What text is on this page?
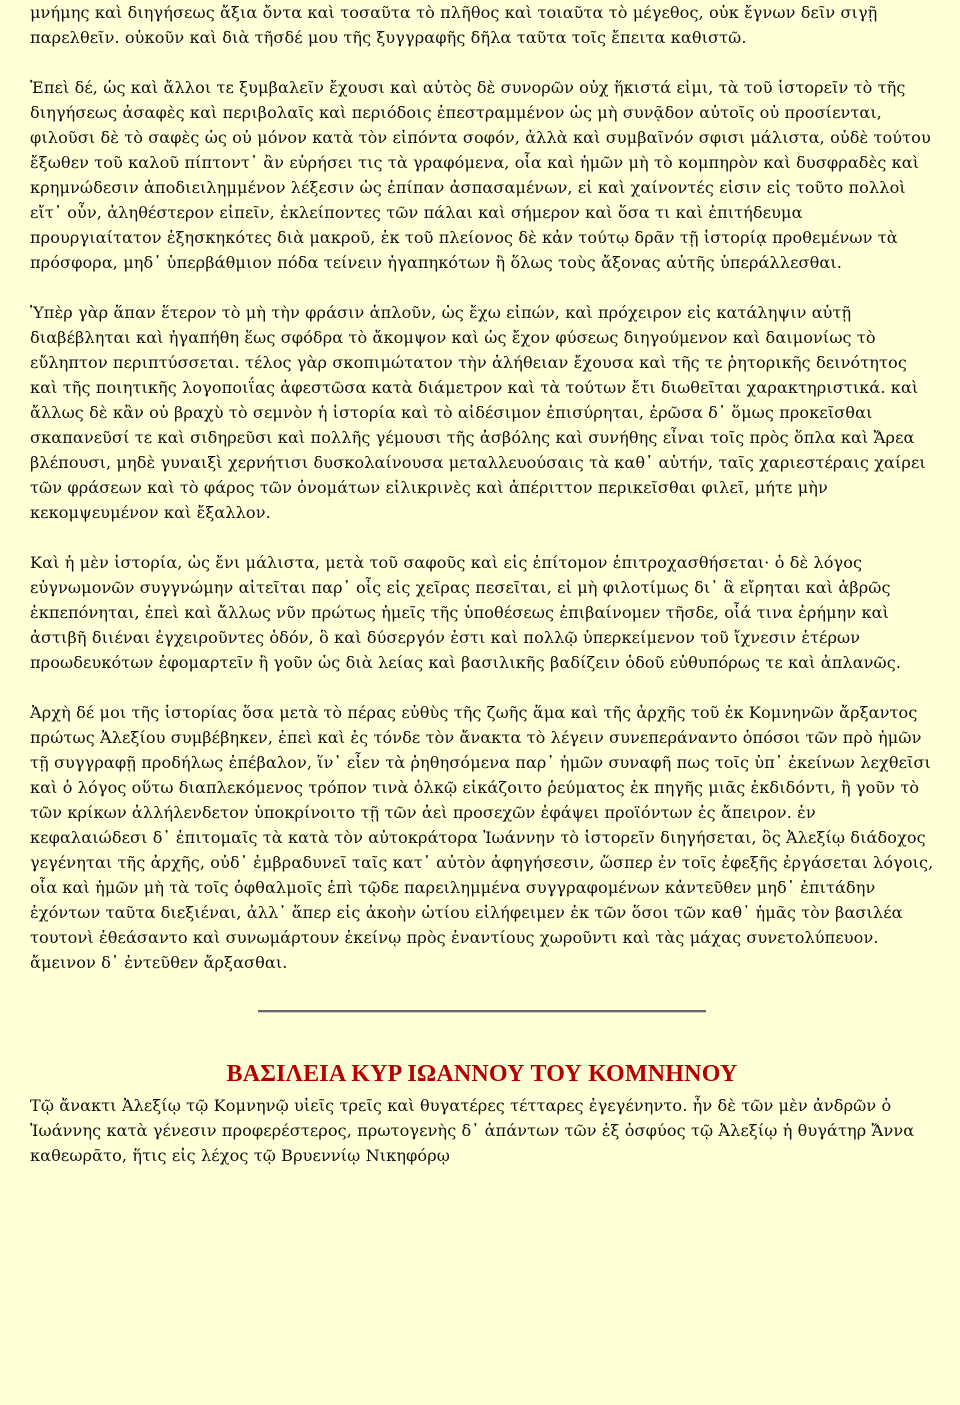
μνήμης καὶ διηγήσεως ἄξια ὄντα καὶ τοσαῦτα τὸ πλῆθος καὶ τοιαῦτα τὸ μέγεθος, οὐκ ἔγνων δεῖν σιγῇ παρελθεῖν. οὐκοῦν καὶ διὰ τῆσδέ μου τῆς ξυγγραφῆς δῆλα ταῦτα τοῖς ἔπειτα καθιστῶ.

Ἐπεὶ δέ, ὡς καὶ ἄλλοι τε ξυμβαλεῖν ἔχουσι καὶ αὐτὸς δὲ συνορῶν οὐχ ἥκιστά εἰμι, τὰ τοῦ ἱστορεῖν τὸ τῆς διηγήσεως ἀσαφὲς καὶ περιβολαῖς καὶ περιόδοις ἐπεστραμμένον ὡς μὴ συνᾷδον αὐτοῖς οὐ προσίενται, φιλοῦσι δὲ τὸ σαφὲς ὡς οὐ μόνον κατὰ τὸν εἰπόντα σοφόν, ἀλλὰ καὶ συμβαῖνόν σφισι μάλιστα, οὐδὲ τούτου ἔξωθεν τοῦ καλοῦ πίπτοντ᾽ ἂν εὑρήσει τις τὰ γραφόμενα, οἷα καὶ ἡμῶν μὴ τὸ κομπηρὸν καὶ δυσφραδὲς καὶ κρημνώδεσιν ἀποδιειλημμένον λέξεσιν ὡς ἐπίπαν ἀσπασαμένων, εἰ καὶ χαίνοντές εἰσιν εἰς τοῦτο πολλοὶ εἴτ᾽ οὖν, ἀληθέστερον εἰπεῖν, ἐκλείποντες τῶν πάλαι καὶ σήμερον καὶ ὅσα τι καὶ ἐπιτήδευμα προυργιαίτατον ἐξησκηκότες διὰ μακροῦ, ἐκ τοῦ πλείονος δὲ κἀν τούτῳ δρᾶν τῇ ἱστορίᾳ προθεμένων τὰ πρόσφορα, μηδ᾽ ὑπερβάθμιον πόδα τείνειν ἠγαπηκότων ἢ ὅλως τοὺς ἄξονας αὐτῆς ὑπεράλλεσθαι.

Ὑπὲρ γὰρ ἅπαν ἕτερον τὸ μὴ τὴν φράσιν ἁπλοῦν, ὡς ἔχω εἰπών, καὶ πρόχειρον εἰς κατάληψιν αὐτῇ διαβέβληται καὶ ἠγαπήθη ἕως σφόδρα τὸ ἄκομψον καὶ ὡς ἔχον φύσεως διηγούμενον καὶ δαιμονίως τὸ εὔληπτον περιπτύσσεται. τέλος γὰρ σκοπιμώτατον τὴν ἀλήθειαν ἔχουσα καὶ τῆς τε ῥητορικῆς δεινότητος καὶ τῆς ποιητικῆς λογοποιΐας ἀφεστῶσα κατὰ διάμετρον καὶ τὰ τούτων ἔτι διωθεῖται χαρακτηριστικά. καὶ ἄλλως δὲ κἂν οὐ βραχὺ τὸ σεμνὸν ἡ ἱστορία καὶ τὸ αἰδέσιμον ἐπισύρηται, ἐρῶσα δ᾽ ὅμως προκεῖσθαι σκαπανεῦσί τε καὶ σιδηρεῦσι καὶ πολλῆς γέμουσι τῆς ἀσβόλης καὶ συνήθης εἶναι τοῖς πρὸς ὅπλα καὶ Ἄρεα βλέπουσι, μηδὲ γυναιξὶ χερνήτισι δυσκολαίνουσα μεταλλευούσαις τὰ καθ᾽ αὑτήν, ταῖς χαριεστέραις χαίρει τῶν φράσεων καὶ τὸ φάρος τῶν ὀνομάτων εἰλικρινὲς καὶ ἀπέριττον περικεῖσθαι φιλεῖ, μήτε μὴν κεκομψευμένον καὶ ἔξαλλον.

Καὶ ἡ μὲν ἱστορία, ὡς ἔνι μάλιστα, μετὰ τοῦ σαφοῦς καὶ εἰς ἐπίτομον ἐπιτροχασθήσεται· ὁ δὲ λόγος εὐγνωμονῶν συγγνώμην αἰτεῖται παρ᾽ οἷς εἰς χεῖρας πεσεῖται, εἰ μὴ φιλοτίμως δι᾽ ἃ εἴρηται καὶ ἁβρῶς ἐκπεπόνηται, ἐπεὶ καὶ ἄλλως νῦν πρώτως ἡμεῖς τῆς ὑποθέσεως ἐπιβαίνομεν τῆσδε, οἷά τινα ἐρήμην καὶ ἀστιβῆ διιέναι ἐγχειροῦντες ὁδόν, ὃ καὶ δύσεργόν ἐστι καὶ πολλῷ ὑπερκείμενον τοῦ ἴχνεσιν ἑτέρων προωδευκότων ἐφομαρτεῖν ἢ γοῦν ὡς διὰ λείας καὶ βασιλικῆς βαδίζειν ὁδοῦ εὐθυπόρως τε καὶ ἀπλανῶς.

Ἀρχὴ δέ μοι τῆς ἱστορίας ὅσα μετὰ τὸ πέρας εὐθὺς τῆς ζωῆς ἅμα καὶ τῆς ἀρχῆς τοῦ ἐκ Κομνηνῶν ἄρξαντος πρώτως Ἀλεξίου συμβέβηκεν, ἐπεὶ καὶ ἐς τόνδε τὸν ἄνακτα τὸ λέγειν συνεπεράναντο ὁπόσοι τῶν πρὸ ἡμῶν τῇ συγγραφῇ προδήλως ἐπέβαλον, ἵν᾽ εἶεν τὰ ῥηθησόμενα παρ᾽ ἡμῶν συναφῆ πως τοῖς ὑπ᾽ ἐκείνων λεχθεῖσι καὶ ὁ λόγος οὕτω διαπλεκόμενος τρόπον τινὰ ὁλκῷ εἰκάζοιτο ῥεύματος ἐκ πηγῆς μιᾶς ἐκδιδόντι, ἢ γοῦν τὸ τῶν κρίκων ἀλλήλενδετον ὑποκρίνοιτο τῇ τῶν ἀεὶ προσεχῶν ἐφάψει προϊόντων ἐς ἄπειρον. ἐν κεφαλαιώδεσι δ᾽ ἐπιτομαῖς τὰ κατὰ τὸν αὐτοκράτορα Ἰωάννην τὸ ἱστορεῖν διηγήσεται, ὃς Ἀλεξίῳ διάδοχος γεγένηται τῆς ἀρχῆς, οὐδ᾽ ἐμβραδυνεῖ ταῖς κατ᾽ αὐτὸν ἀφηγήσεσιν, ὥσπερ ἐν τοῖς ἐφεξῆς ἐργάσεται λόγοις, οἷα καὶ ἡμῶν μὴ τὰ τοῖς ὀφθαλμοῖς ἐπὶ τῷδε παρειλημμένα συγγραφομένων κἀντεῦθεν μηδ᾽ ἐπιτάδην ἐχόντων ταῦτα διεξιέναι, ἀλλ᾽ ἅπερ εἰς ἀκοὴν ὠτίου εἰλήφειμεν ἐκ τῶν ὅσοι τῶν καθ᾽ ἡμᾶς τὸν βασιλέα τουτονὶ ἐθεάσαντο καὶ συνωμάρτουν ἐκείνῳ πρὸς ἐναντίους χωροῦντι καὶ τὰς μάχας συνετολύπευον. ἄμεινον δ᾽ ἐντεῦθεν ἄρξασθαι.

ΒΑΣΙΛΕΙΑ ΚΥΡ ΙΩΑΝΝΟΥ ΤΟΥ ΚΟΜΝΗΝΟΥ

Τῷ ἄνακτι Ἀλεξίῳ τῷ Κομνηνῷ υἱεῖς τρεῖς καὶ θυγατέρες τέτταρες ἐγεγένηντο. ἦν δὲ τῶν μὲν ἀνδρῶν ὁ Ἰωάννης κατὰ γένεσιν προφερέστερος, πρωτογενὴς δ᾽ ἁπάντων τῶν ἐξ ὀσφύος τῷ Ἀλεξίῳ ἡ θυγάτηρ Ἄννα καθεωρᾶτο, ἥτις εἰς λέχος τῷ Βρυεννίῳ Νικηφόρῳ
